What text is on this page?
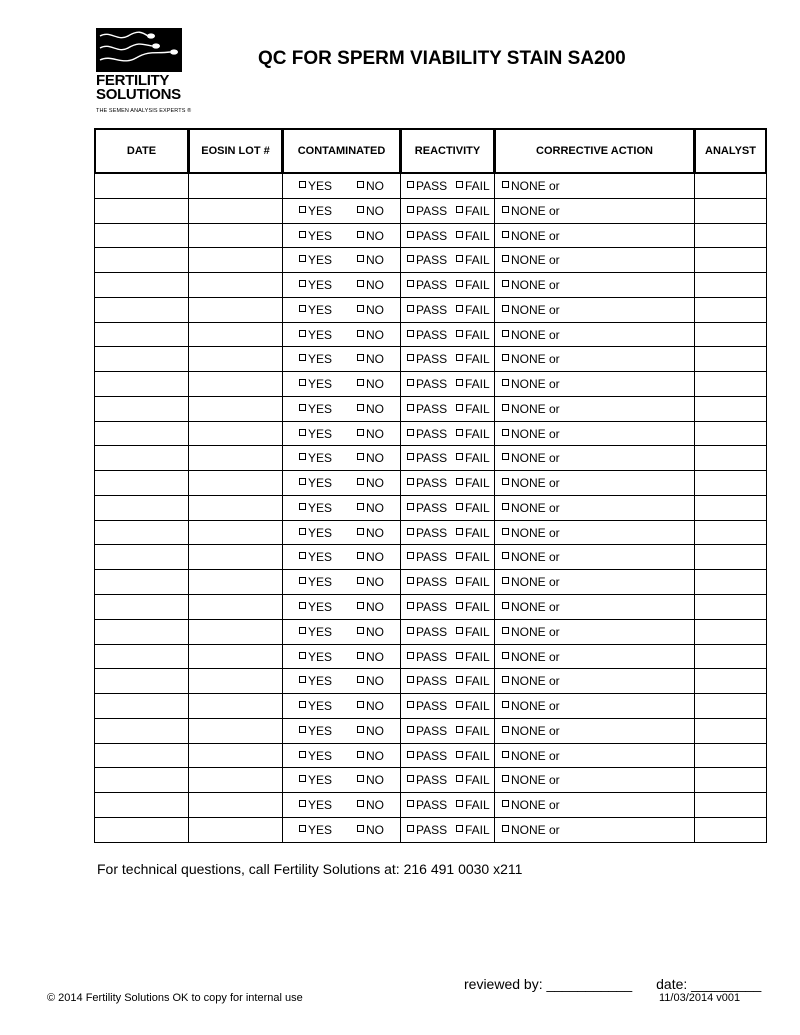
FERTILITY
SOLUTIONS
THE SEMEN ANALYSIS EXPERTS ®
QC FOR SPERM VIABILITY STAIN SA200
DATE	EOSIN LOT #	CONTAMINATED	REACTIVITY	CORRECTIVE ACTION	ANALYST

		YES NO	PASS FAIL	NONE or	

		YES NO	PASS FAIL	NONE or	

		YES NO	PASS FAIL	NONE or	

		YES NO	PASS FAIL	NONE or	

		YES NO	PASS FAIL	NONE or	

		YES NO	PASS FAIL	NONE or	

		YES NO	PASS FAIL	NONE or	

		YES NO	PASS FAIL	NONE or	

		YES NO	PASS FAIL	NONE or	

		YES NO	PASS FAIL	NONE or	

		YES NO	PASS FAIL	NONE or	

		YES NO	PASS FAIL	NONE or	

		YES NO	PASS FAIL	NONE or	

		YES NO	PASS FAIL	NONE or	

		YES NO	PASS FAIL	NONE or	

		YES NO	PASS FAIL	NONE or	

		YES NO	PASS FAIL	NONE or	

		YES NO	PASS FAIL	NONE or	

		YES NO	PASS FAIL	NONE or	

		YES NO	PASS FAIL	NONE or	

		YES NO	PASS FAIL	NONE or	

		YES NO	PASS FAIL	NONE or	

		YES NO	PASS FAIL	NONE or	

		YES NO	PASS FAIL	NONE or	

		YES NO	PASS FAIL	NONE or	

		YES NO	PASS FAIL	NONE or	

		YES NO	PASS FAIL	NONE or	

For technical questions, call Fertility Solutions at: 216 491 0030 x211
reviewed by: ___________ date: _________
© 2014 Fertility Solutions OK to copy for internal use	11/03/2014 v001
